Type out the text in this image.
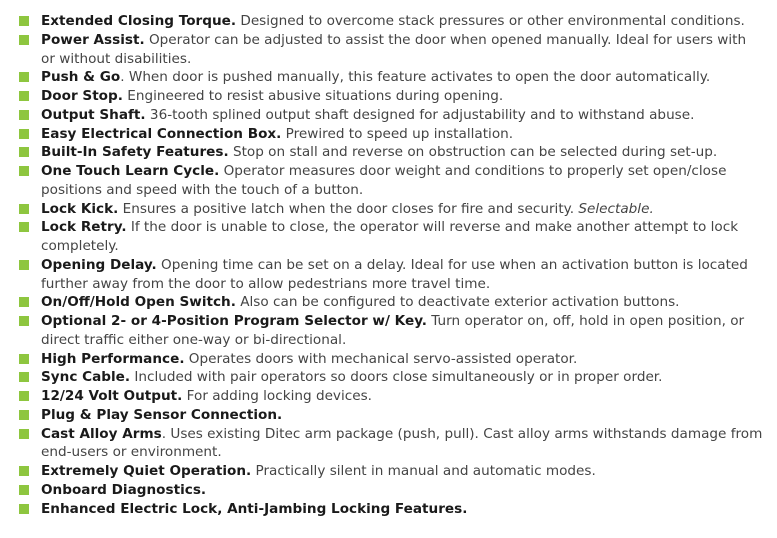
Extended Closing Torque. Designed to overcome stack pressures or other environmental conditions.
Power Assist. Operator can be adjusted to assist the door when opened manually. Ideal for users with or without disabilities.
Push & Go. When door is pushed manually, this feature activates to open the door automatically.
Door Stop. Engineered to resist abusive situations during opening.
Output Shaft. 36-tooth splined output shaft designed for adjustability and to withstand abuse.
Easy Electrical Connection Box. Prewired to speed up installation.
Built-In Safety Features. Stop on stall and reverse on obstruction can be selected during set-up.
One Touch Learn Cycle. Operator measures door weight and conditions to properly set open/close positions and speed with the touch of a button.
Lock Kick. Ensures a positive latch when the door closes for fire and security. Selectable.
Lock Retry. If the door is unable to close, the operator will reverse and make another attempt to lock completely.
Opening Delay. Opening time can be set on a delay. Ideal for use when an activation button is located further away from the door to allow pedestrians more travel time.
On/Off/Hold Open Switch. Also can be configured to deactivate exterior activation buttons.
Optional 2- or 4-Position Program Selector w/ Key. Turn operator on, off, hold in open position, or direct traffic either one-way or bi-directional.
High Performance. Operates doors with mechanical servo-assisted operator.
Sync Cable. Included with pair operators so doors close simultaneously or in proper order.
12/24 Volt Output. For adding locking devices.
Plug & Play Sensor Connection.
Cast Alloy Arms. Uses existing Ditec arm package (push, pull). Cast alloy arms withstands damage from end-users or environment.
Extremely Quiet Operation. Practically silent in manual and automatic modes.
Onboard Diagnostics.
Enhanced Electric Lock, Anti-Jambing Locking Features.
